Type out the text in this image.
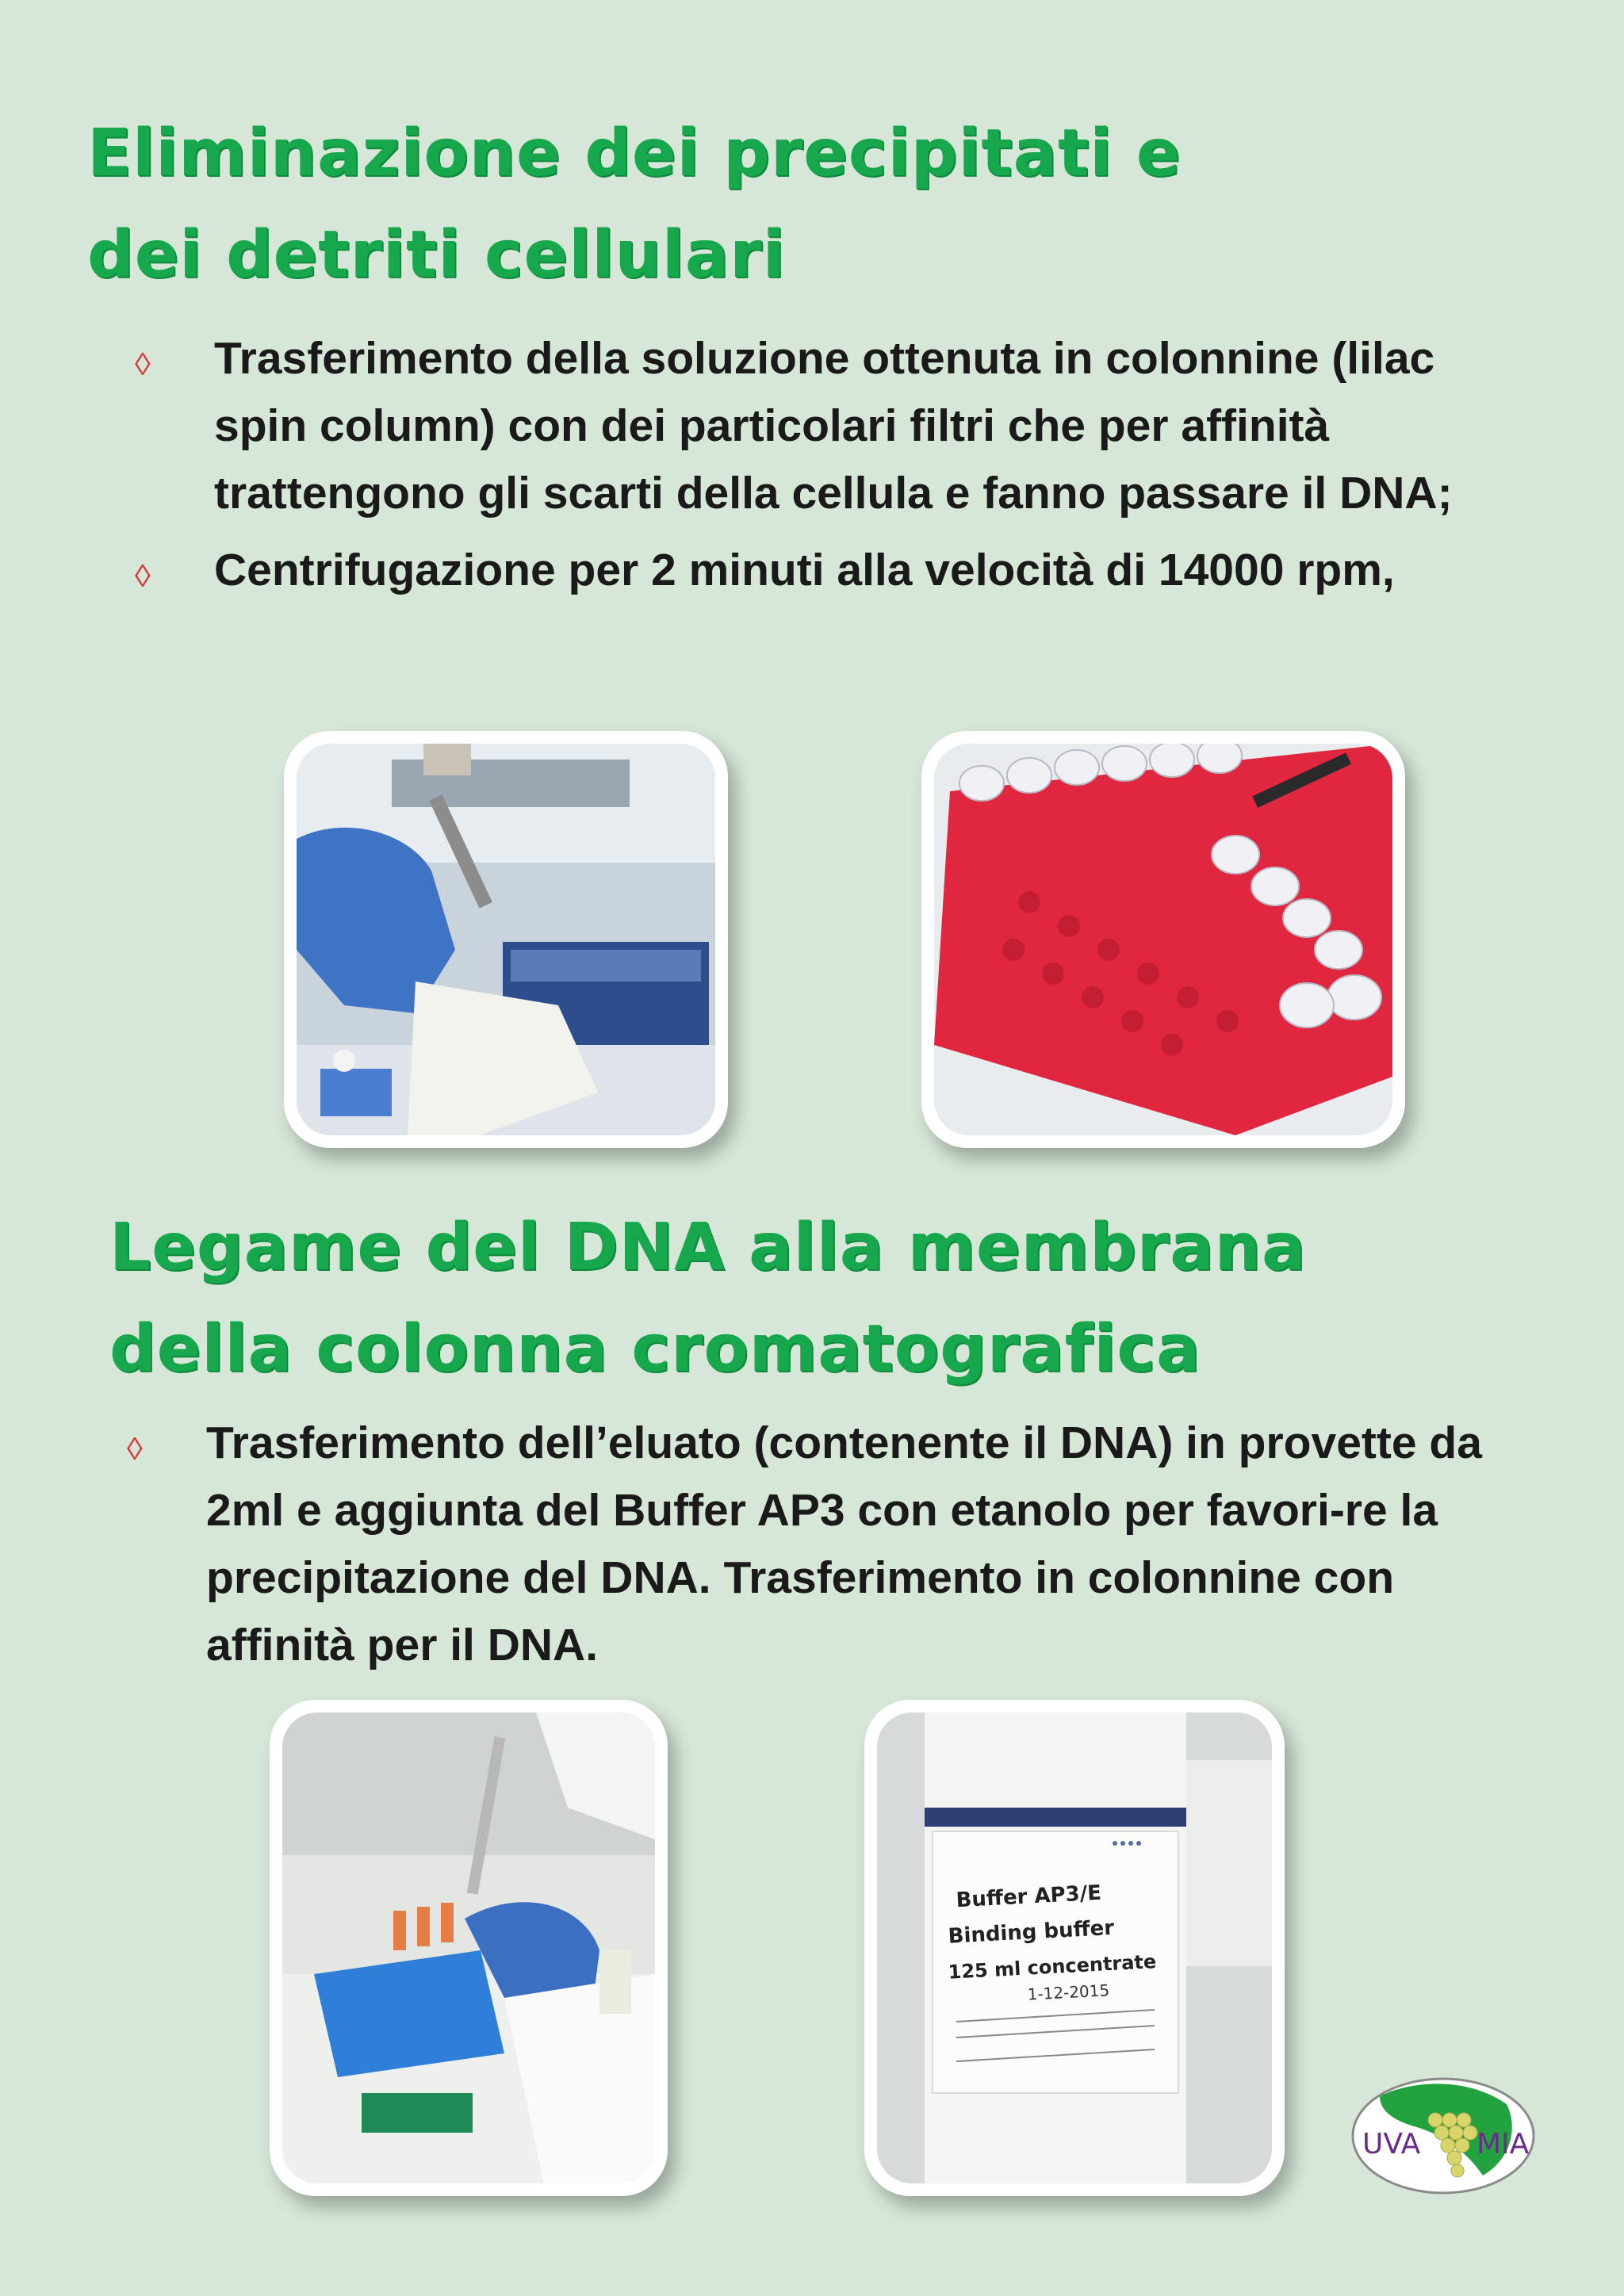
Eliminazione dei precipitati e
dei detriti cellulari
◊ Trasferimento della soluzione ottenuta in colonnine (lilac spin column) con dei particolari filtri che per affinità trattengono gli scarti della cellula e fanno passare il DNA;
◊ Centrifugazione per 2 minuti alla velocità di 14000 rpm,
Legame del DNA alla membrana
della colonna cromatografica
◊ Trasferimento dell’eluato (contenente il DNA) in provette da 2ml e aggiunta del Buffer AP3 con etanolo per favori-re la precipitazione del DNA. Trasferimento in colonnine con affinità per il DNA.
Buffer AP3/E
Binding buffer
125 ml concentrate
1-12-2015
UVA MIA
